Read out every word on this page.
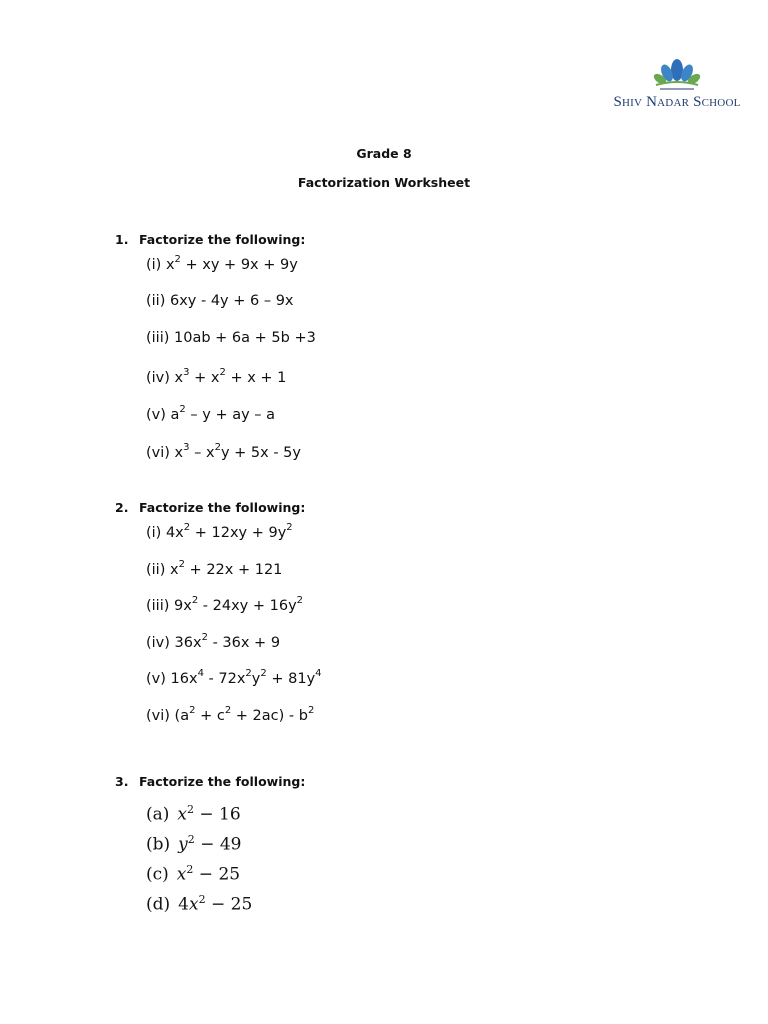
Shiv Nadar School
Grade 8
Factorization Worksheet
1. Factorize the following:
(i) $x^2$ + xy + 9x + 9y
(ii) 6xy - 4y + 6 – 9x
(iii) 10ab + 6a + 5b +3
(iv) $x^3 + x^2 + x + 1$
(v) $a^2$ – y + ay – a
(vi) $x^3 - x^2y + 5x - 5y$
2. Factorize the following:
(i) $4x^2 + 12xy + 9y^2$
(ii) $x^2 + 22x + 121$
(iii) $9x^2 - 24xy + 16y^2$
(iv) $36x^2 - 36x + 9$
(v) $16x^4 - 72x^2y^2 + 81y^4$
(vi) $(a^2 + c^2 + 2ac) - b^2$
3. Factorize the following:
(a) $x^2 - 16$
(b) $y^2 - 49$
(c) $x^2 - 25$
(d) $4x^2 - 25$
